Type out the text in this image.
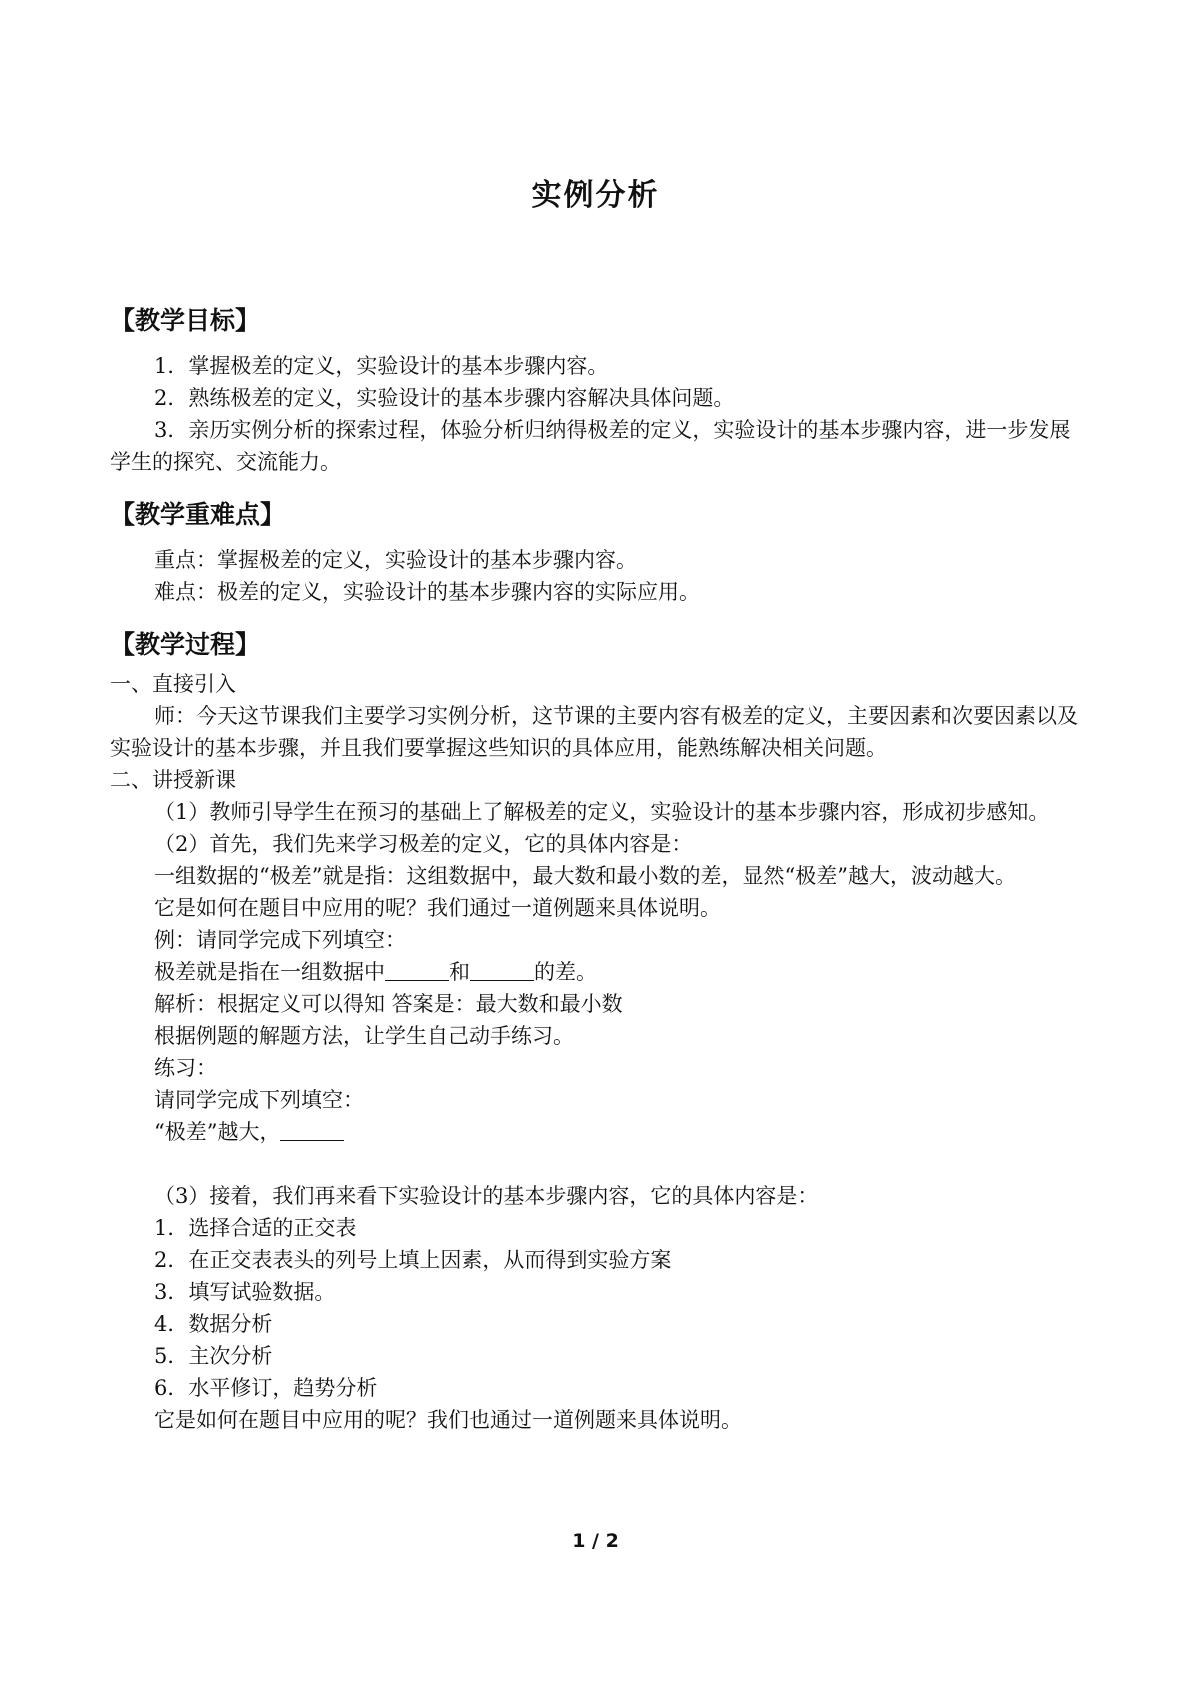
实例分析
【教学目标】

1．掌握极差的定义，实验设计的基本步骤内容。

2．熟练极差的定义，实验设计的基本步骤内容解决具体问题。

3．亲历实例分析的探索过程，体验分析归纳得极差的定义，实验设计的基本步骤内容，进一步发展学生的探究、交流能力。

【教学重难点】

重点：掌握极差的定义，实验设计的基本步骤内容。

难点：极差的定义，实验设计的基本步骤内容的实际应用。

【教学过程】

一、直接引入

师：今天这节课我们主要学习实例分析，这节课的主要内容有极差的定义，主要因素和次要因素以及实验设计的基本步骤，并且我们要掌握这些知识的具体应用，能熟练解决相关问题。

二、讲授新课

（1）教师引导学生在预习的基础上了解极差的定义，实验设计的基本步骤内容，形成初步感知。

（2）首先，我们先来学习极差的定义，它的具体内容是：

一组数据的“极差”就是指：这组数据中，最大数和最小数的差，显然“极差”越大，波动越大。

它是如何在题目中应用的呢？我们通过一道例题来具体说明。

例：请同学完成下列填空：

极差就是指在一组数据中	和	的差。

解析：根据定义可以得知 答案是：最大数和最小数

根据例题的解题方法，让学生自己动手练习。

练习：

请同学完成下列填空：

“极差”越大，

（3）接着，我们再来看下实验设计的基本步骤内容，它的具体内容是：

1．选择合适的正交表

2．在正交表表头的列号上填上因素，从而得到实验方案

3．填写试验数据。

4．数据分析

5．主次分析

6．水平修订，趋势分析

它是如何在题目中应用的呢？我们也通过一道例题来具体说明。

1 / 2
